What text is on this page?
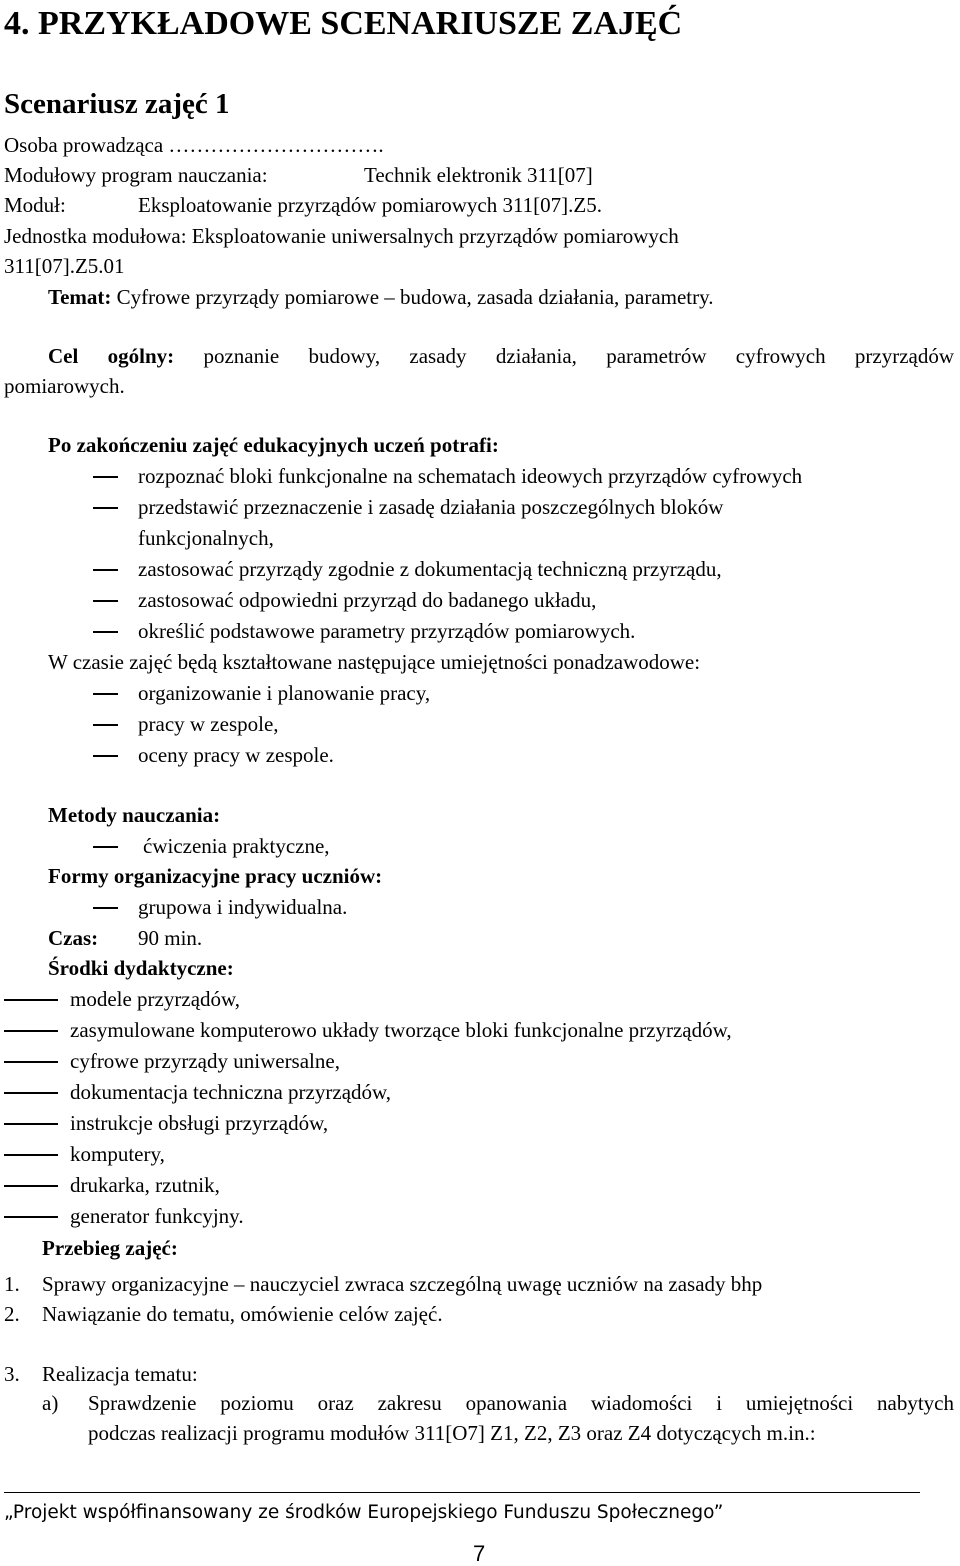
4. PRZYKŁADOWE SCENARIUSZE ZAJĘĆ
Scenariusz zajęć 1
Osoba prowadząca ………………………….
Modułowy program nauczania:	Technik elektronik 311[07]
Moduł:	Eksploatowanie przyrządów pomiarowych 311[07].Z5.
Jednostka modułowa: Eksploatowanie uniwersalnych przyrządów pomiarowych
311[07].Z5.01
Temat: Cyfrowe przyrządy pomiarowe – budowa, zasada działania, parametry.
Cel ogólny: poznanie budowy, zasady działania, parametrów cyfrowych przyrządów
pomiarowych.
Po zakończeniu zajęć edukacyjnych uczeń potrafi:
rozpoznać bloki funkcjonalne na schematach ideowych przyrządów cyfrowych
przedstawić przeznaczenie i zasadę działania poszczególnych bloków
funkcjonalnych,
zastosować przyrządy zgodnie z dokumentacją techniczną przyrządu,
zastosować odpowiedni przyrząd do badanego układu,
określić podstawowe parametry przyrządów pomiarowych.
W czasie zajęć będą kształtowane następujące umiejętności ponadzawodowe:
organizowanie i planowanie pracy,
pracy w zespole,
oceny pracy w zespole.
Metody nauczania:
ćwiczenia praktyczne,
Formy organizacyjne pracy uczniów:
grupowa i indywidualna.
Czas: 90 min.
Środki dydaktyczne:
modele przyrządów,
zasymulowane komputerowo układy tworzące bloki funkcjonalne przyrządów,
cyfrowe przyrządy uniwersalne,
dokumentacja techniczna przyrządów,
instrukcje obsługi przyrządów,
komputery,
drukarka, rzutnik,
generator funkcyjny.
Przebieg zajęć:
1. Sprawy organizacyjne – nauczyciel zwraca szczególną uwagę uczniów na zasady bhp
2. Nawiązanie do tematu, omówienie celów zajęć.
3. Realizacja tematu:
a) Sprawdzenie poziomu oraz zakresu opanowania wiadomości i umiejętności nabytych
podczas realizacji programu modułów 311[O7] Z1, Z2, Z3 oraz Z4 dotyczących m.in.:
„Projekt współfinansowany ze środków Europejskiego Funduszu Społecznego”
7
